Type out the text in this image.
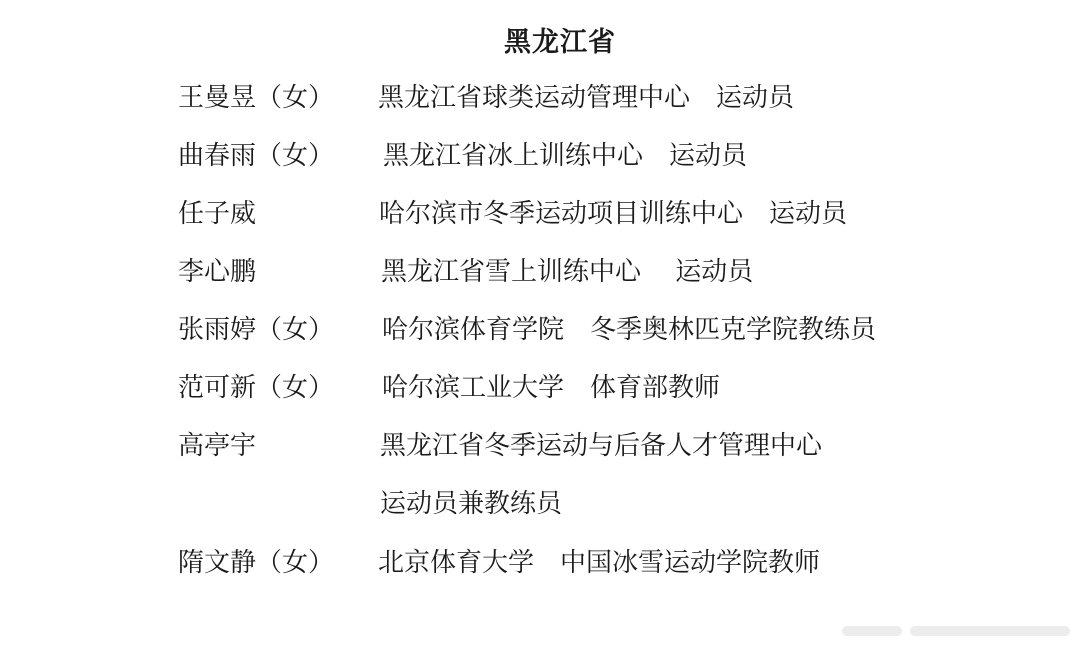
黑龙江省
王曼昱（女） 黑龙江省球类运动管理中心　运动员
曲春雨（女） 黑龙江省冰上训练中心　运动员
任子威	哈尔滨市冬季运动项目训练中心　运动员
李心鹏	黑龙江省雪上训练中心　 运动员
张雨婷（女） 哈尔滨体育学院　冬季奥林匹克学院教练员
范可新（女） 哈尔滨工业大学　体育部教师
高亭宇	黑龙江省冬季运动与后备人才管理中心
运动员兼教练员
隋文静（女） 北京体育大学　中国冰雪运动学院教师
